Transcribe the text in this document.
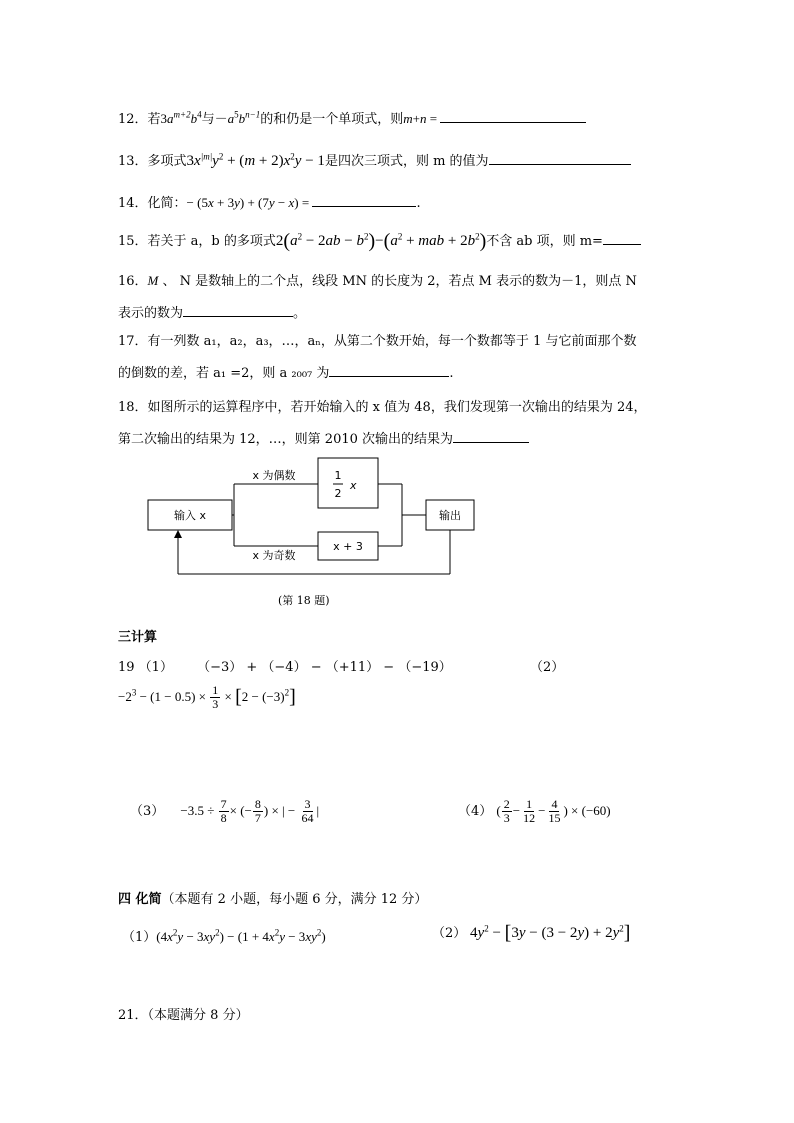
12．若$3a^{m+2}b^4$与$-a^5b^{n-1}$的和仍是一个单项式，则m+n =
13．多项式$3x^{|m|}y^2 + (m + 2)x^2y - 1$是四次三项式，则 m 的值为
14．化简：− (5x + 3y) + (7y − x) =	.
15．若关于 a，b 的多项式$2(a^2 - 2ab - b^2)-(a^2$ + mab + $2b^2$)不含 ab 项，则 m=
16．M 、 N 是数轴上的二个点，线段 MN 的长度为 2，若点 M 表示的数为－1，则点 N
表示的数为	。
17．有一列数 a₁，a₂，a₃，…，aₙ，从第二个数开始，每一个数都等于 1 与它前面那个数
的倒数的差，若 a₁ =2，则 a ₂₀₀₇ 为	.
18．如图所示的运算程序中，若开始输入的 x 值为 48，我们发现第一次输出的结果为 24，
第二次输出的结果为 12，…，则第 2010 次输出的结果为
输入 x
x 为偶数
x 为奇数
1
2
x
x + 3
输出
(第 18 题)
三计算
19 （1） （−3） + （−4） − （+11） − （−19）	（2）
$-2^3 - (1 - 0.5) \times \frac{1}{3} \times [2 - (-3)^2]$
$(3) -3.5 \div \frac{7}{8}$ × (− $\frac{8}{7}$ ) × | − $\frac{3}{64}$ |	（4） ( $\frac{2}{3} - \frac{1}{12} - \frac{4}{15}$ ) × (−60)
四 化简（本题有 2 小题，每小题 6 分，满分 12 分）
$(1)(4x^2y - 3xy^2) - (1 + 4x^2y - 3xy^2)$	（2） $4y^2 - [3y - (3 - 2y) + 2y^2]$
21．（本题满分 8 分）
